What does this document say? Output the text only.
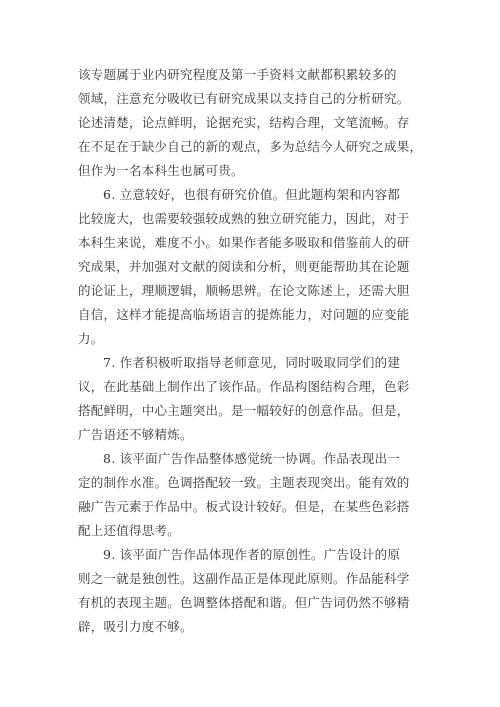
该专题属于业内研究程度及第一手资料文献都积累较多的
领域，注意充分吸收已有研究成果以支持自己的分析研究。
论述清楚，论点鲜明，论据充实，结构合理，文笔流畅。存
在不足在于缺少自己的新的观点，多为总结今人研究之成果，
但作为一名本科生也属可贵。
6. 立意较好，也很有研究价值。但此题构架和内容都
比较庞大，也需要较强较成熟的独立研究能力，因此，对于
本科生来说，难度不小。如果作者能多吸取和借鉴前人的研
究成果，并加强对文献的阅读和分析，则更能帮助其在论题
的论证上，理顺逻辑，顺畅思辨。在论文陈述上，还需大胆
自信，这样才能提高临场语言的提炼能力，对问题的应变能
力。
7. 作者积极听取指导老师意见，同时吸取同学们的建
议，在此基础上制作出了该作品。作品构图结构合理，色彩
搭配鲜明，中心主题突出。是一幅较好的创意作品。但是，
广告语还不够精炼。
8. 该平面广告作品整体感觉统一协调。作品表现出一
定的制作水准。色调搭配较一致。主题表现突出。能有效的
融广告元素于作品中。板式设计较好。但是，在某些色彩搭
配上还值得思考。
9. 该平面广告作品体现作者的原创性。广告设计的原
则之一就是独创性。这副作品正是体现此原则。作品能科学
有机的表现主题。色调整体搭配和谐。但广告词仍然不够精
辟，吸引力度不够。
